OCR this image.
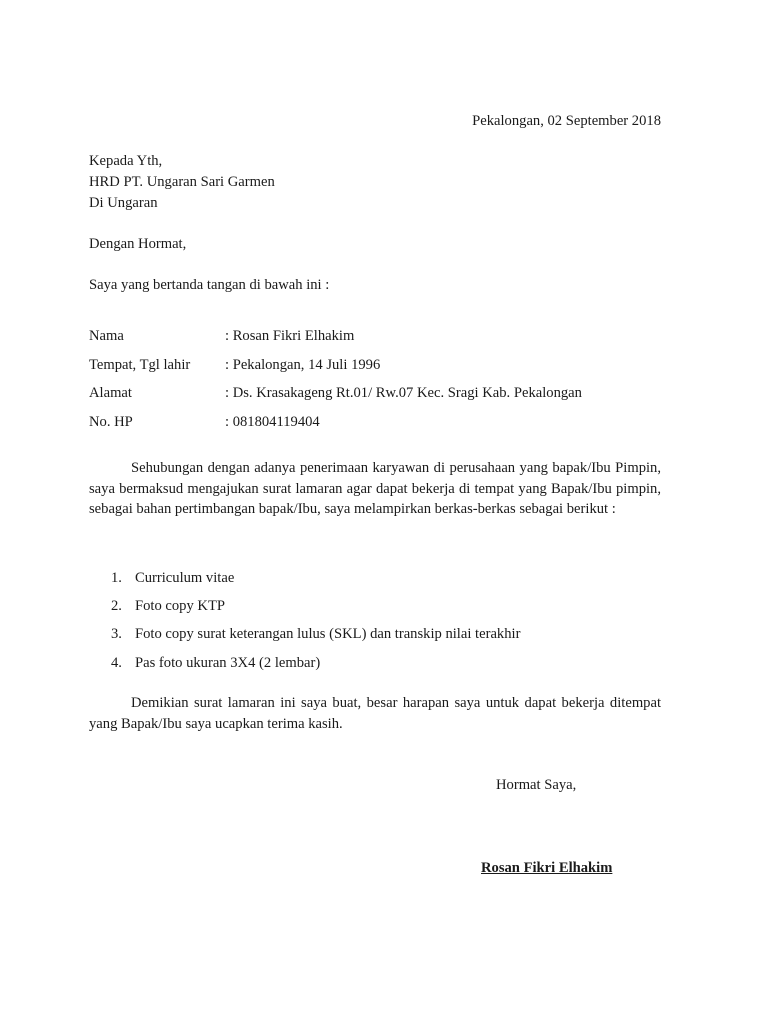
Pekalongan, 02 September 2018
Kepada Yth,
HRD PT. Ungaran Sari Garmen
Di Ungaran
Dengan Hormat,
Saya yang bertanda tangan di bawah ini :
Nama	: Rosan Fikri Elhakim
Tempat, Tgl lahir	: Pekalongan, 14 Juli 1996
Alamat	: Ds. Krasakageng Rt.01/ Rw.07 Kec. Sragi Kab. Pekalongan
No. HP	: 081804119404
Sehubungan dengan adanya penerimaan karyawan di perusahaan yang bapak/Ibu Pimpin, saya bermaksud mengajukan surat lamaran agar dapat bekerja di tempat yang Bapak/Ibu pimpin, sebagai bahan pertimbangan bapak/Ibu, saya melampirkan berkas-berkas sebagai berikut :
1. Curriculum vitae
2. Foto copy KTP
3. Foto copy surat keterangan lulus (SKL) dan transkip nilai terakhir
4. Pas foto ukuran 3X4 (2 lembar)
Demikian surat lamaran ini saya buat, besar harapan saya untuk dapat bekerja ditempat yang Bapak/Ibu saya ucapkan terima kasih.
Hormat Saya,
Rosan Fikri Elhakim
